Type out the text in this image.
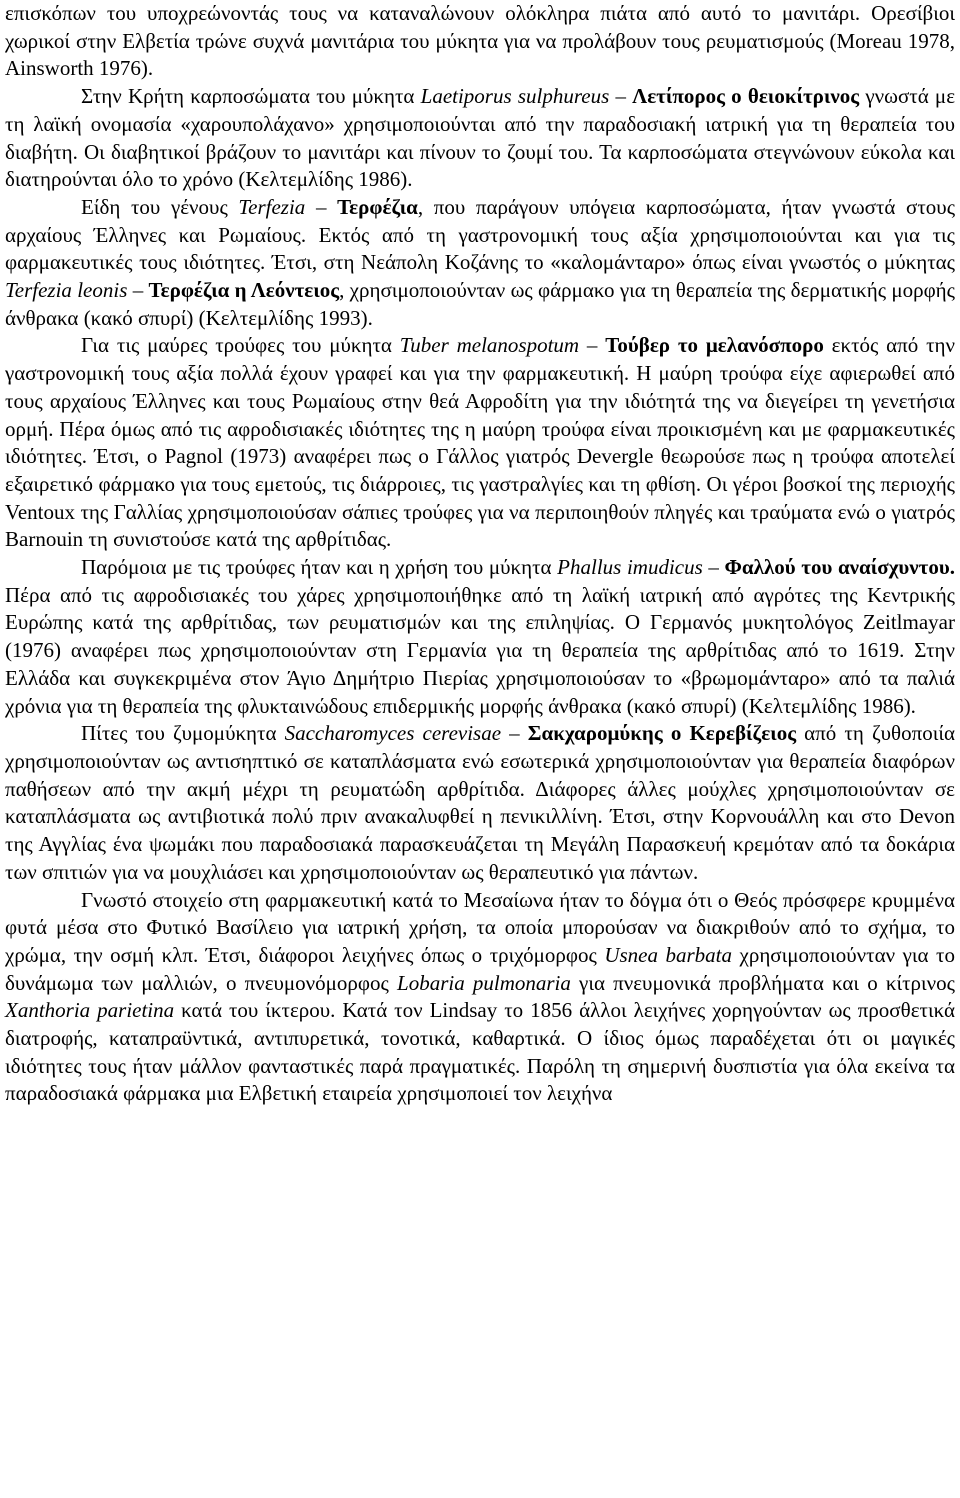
επισκόπων του υποχρεώνοντάς τους να καταναλώνουν ολόκληρα πιάτα από αυτό το μανιτάρι. Ορεσίβιοι χωρικοί στην Ελβετία τρώνε συχνά μανιτάρια του μύκητα για να προλάβουν τους ρευματισμούς (Moreau 1978, Ainsworth 1976).

Στην Κρήτη καρποσώματα του μύκητα Laetiporus sulphureus – Λετίπορος ο θειοκίτρινος γνωστά με τη λαϊκή ονομασία «χαρουπολάχανο» χρησιμοποιούνται από την παραδοσιακή ιατρική για τη θεραπεία του διαβήτη. Οι διαβητικοί βράζουν το μανιτάρι και πίνουν το ζουμί του. Τα καρποσώματα στεγνώνουν εύκολα και διατηρούνται όλο το χρόνο (Κελτεμλίδης 1986).

Είδη του γένους Terfezia – Τερφέζια, που παράγουν υπόγεια καρποσώματα, ήταν γνωστά στους αρχαίους Έλληνες και Ρωμαίους. Εκτός από τη γαστρονομική τους αξία χρησιμοποιούνται και για τις φαρμακευτικές τους ιδιότητες. Έτσι, στη Νεάπολη Κοζάνης το «καλομάνταρο» όπως είναι γνωστός ο μύκητας Terfezia leonis – Τερφέζια η Λεόντειος, χρησιμοποιούνταν ως φάρμακο για τη θεραπεία της δερματικής μορφής άνθρακα (κακό σπυρί) (Κελτεμλίδης 1993).

Για τις μαύρες τρούφες του μύκητα Tuber melanospotum – Τούβερ το μελανόσπορο εκτός από την γαστρονομική τους αξία πολλά έχουν γραφεί και για την φαρμακευτική. Η μαύρη τρούφα είχε αφιερωθεί από τους αρχαίους Έλληνες και τους Ρωμαίους στην θεά Αφροδίτη για την ιδιότητά της να διεγείρει τη γενετήσια ορμή. Πέρα όμως από τις αφροδισιακές ιδιότητες της η μαύρη τρούφα είναι προικισμένη και με φαρμακευτικές ιδιότητες. Έτσι, ο Pagnol (1973) αναφέρει πως ο Γάλλος γιατρός Devergle θεωρούσε πως η τρούφα αποτελεί εξαιρετικό φάρμακο για τους εμετούς, τις διάρροιες, τις γαστραλγίες και τη φθίση. Οι γέροι βοσκοί της περιοχής Ventoux της Γαλλίας χρησιμοποιούσαν σάπιες τρούφες για να περιποιηθούν πληγές και τραύματα ενώ ο γιατρός Barnouin τη συνιστούσε κατά της αρθρίτιδας.

Παρόμοια με τις τρούφες ήταν και η χρήση του μύκητα Phallus imudicus – Φαλλού του αναίσχυντου. Πέρα από τις αφροδισιακές του χάρες χρησιμοποιήθηκε από τη λαϊκή ιατρική από αγρότες της Κεντρικής Ευρώπης κατά της αρθρίτιδας, των ρευματισμών και της επιληψίας. Ο Γερμανός μυκητολόγος Zeitlmayar (1976) αναφέρει πως χρησιμοποιούνταν στη Γερμανία για τη θεραπεία της αρθρίτιδας από το 1619. Στην Ελλάδα και συγκεκριμένα στον Άγιο Δημήτριο Πιερίας χρησιμοποιούσαν το «βρωμομάνταρο» από τα παλιά χρόνια για τη θεραπεία της φλυκταινώδους επιδερμικής μορφής άνθρακα (κακό σπυρί) (Κελτεμλίδης 1986).

Πίτες του ζυμομύκητα Saccharomyces cerevisae – Σακχαρομύκης ο Κερεβίζειος από τη ζυθοποιία χρησιμοποιούνταν ως αντισηπτικό σε καταπλάσματα ενώ εσωτερικά χρησιμοποιούνταν για θεραπεία διαφόρων παθήσεων από την ακμή μέχρι τη ρευματώδη αρθρίτιδα. Διάφορες άλλες μούχλες χρησιμοποιούνταν σε καταπλάσματα ως αντιβιοτικά πολύ πριν ανακαλυφθεί η πενικιλλίνη. Έτσι, στην Κορνουάλλη και στο Devon της Αγγλίας ένα ψωμάκι που παραδοσιακά παρασκευάζεται τη Μεγάλη Παρασκευή κρεμόταν από τα δοκάρια των σπιτιών για να μουχλιάσει και χρησιμοποιούνταν ως θεραπευτικό για πάντων.

Γνωστό στοιχείο στη φαρμακευτική κατά το Μεσαίωνα ήταν το δόγμα ότι ο Θεός πρόσφερε κρυμμένα φυτά μέσα στο Φυτικό Βασίλειο για ιατρική χρήση, τα οποία μπορούσαν να διακριθούν από το σχήμα, το χρώμα, την οσμή κλπ. Έτσι, διάφοροι λειχήνες όπως ο τριχόμορφος Usnea barbata χρησιμοποιούνταν για το δυνάμωμα των μαλλιών, ο πνευμονόμορφος Lobaria pulmonaria για πνευμονικά προβλήματα και ο κίτρινος Xanthoria parietina κατά του ίκτερου. Κατά τον Lindsay το 1856 άλλοι λειχήνες χορηγούνταν ως προσθετικά διατροφής, καταπραϋντικά, αντιπυρετικά, τονοτικά, καθαρτικά. Ο ίδιος όμως παραδέχεται ότι οι μαγικές ιδιότητες τους ήταν μάλλον φανταστικές παρά πραγματικές. Παρόλη τη σημερινή δυσπιστία για όλα εκείνα τα παραδοσιακά φάρμακα μια Ελβετική εταιρεία χρησιμοποιεί τον λειχήνα
